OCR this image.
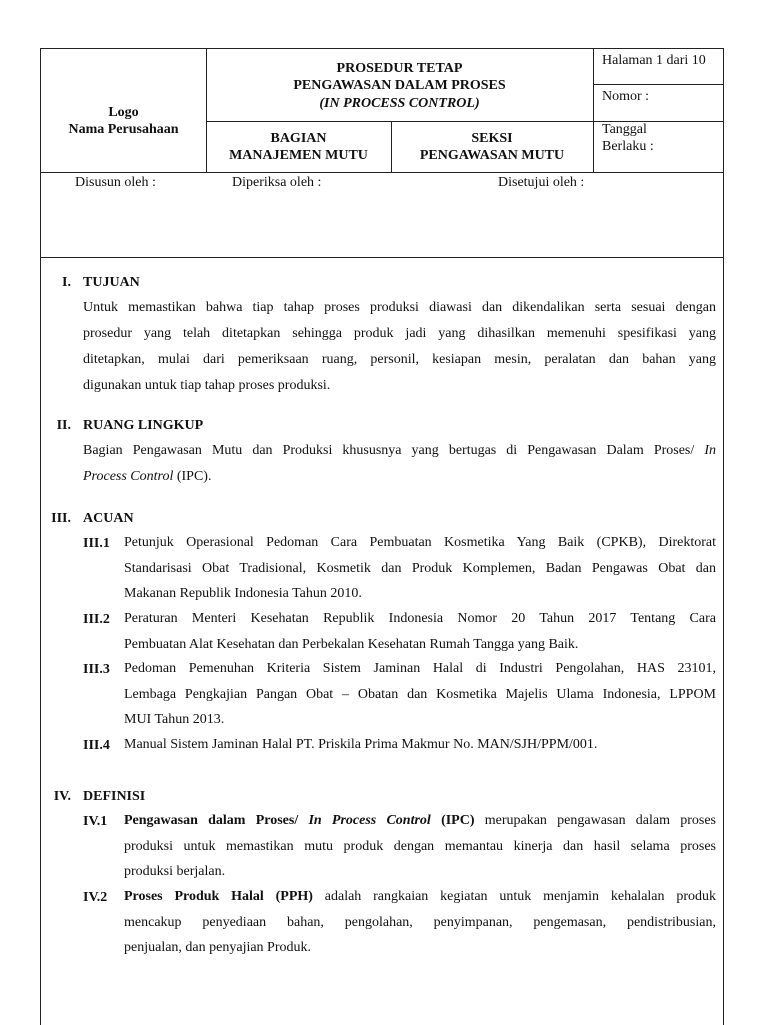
Logo
Nama Perusahaan
PROSEDUR TETAP
PENGAWASAN DALAM PROSES
(IN PROCESS CONTROL)
Halaman 1 dari 10
Nomor :
BAGIAN
MANAJEMEN MUTU
SEKSI
PENGAWASAN MUTU
Tanggal
Berlaku :
Disusun oleh :	Diperiksa oleh :	Disetujui oleh :
I. TUJUAN
Untuk memastikan bahwa tiap tahap proses produksi diawasi dan dikendalikan serta sesuai dengan
prosedur yang telah ditetapkan sehingga produk jadi yang dihasilkan memenuhi spesifikasi yang
ditetapkan, mulai dari pemeriksaan ruang, personil, kesiapan mesin, peralatan dan bahan yang
digunakan untuk tiap tahap proses produksi.
II. RUANG LINGKUP
Bagian Pengawasan Mutu dan Produksi khususnya yang bertugas di Pengawasan Dalam Proses/ In
Process Control (IPC).
III. ACUAN
III.1 Petunjuk Operasional Pedoman Cara Pembuatan Kosmetika Yang Baik (CPKB), Direktorat
Standarisasi Obat Tradisional, Kosmetik dan Produk Komplemen, Badan Pengawas Obat dan
Makanan Republik Indonesia Tahun 2010.
III.2 Peraturan Menteri Kesehatan Republik Indonesia Nomor 20 Tahun 2017 Tentang Cara
Pembuatan Alat Kesehatan dan Perbekalan Kesehatan Rumah Tangga yang Baik.
III.3 Pedoman Pemenuhan Kriteria Sistem Jaminan Halal di Industri Pengolahan, HAS 23101,
Lembaga Pengkajian Pangan Obat – Obatan dan Kosmetika Majelis Ulama Indonesia, LPPOM
MUI Tahun 2013.
III.4 Manual Sistem Jaminan Halal PT. Priskila Prima Makmur No. MAN/SJH/PPM/001.
IV. DEFINISI
IV.1 Pengawasan dalam Proses/ In Process Control (IPC) merupakan pengawasan dalam proses
produksi untuk memastikan mutu produk dengan memantau kinerja dan hasil selama proses
produksi berjalan.
IV.2 Proses Produk Halal (PPH) adalah rangkaian kegiatan untuk menjamin kehalalan produk
mencakup penyediaan bahan, pengolahan, penyimpanan, pengemasan, pendistribusian,
penjualan, dan penyajian Produk.
